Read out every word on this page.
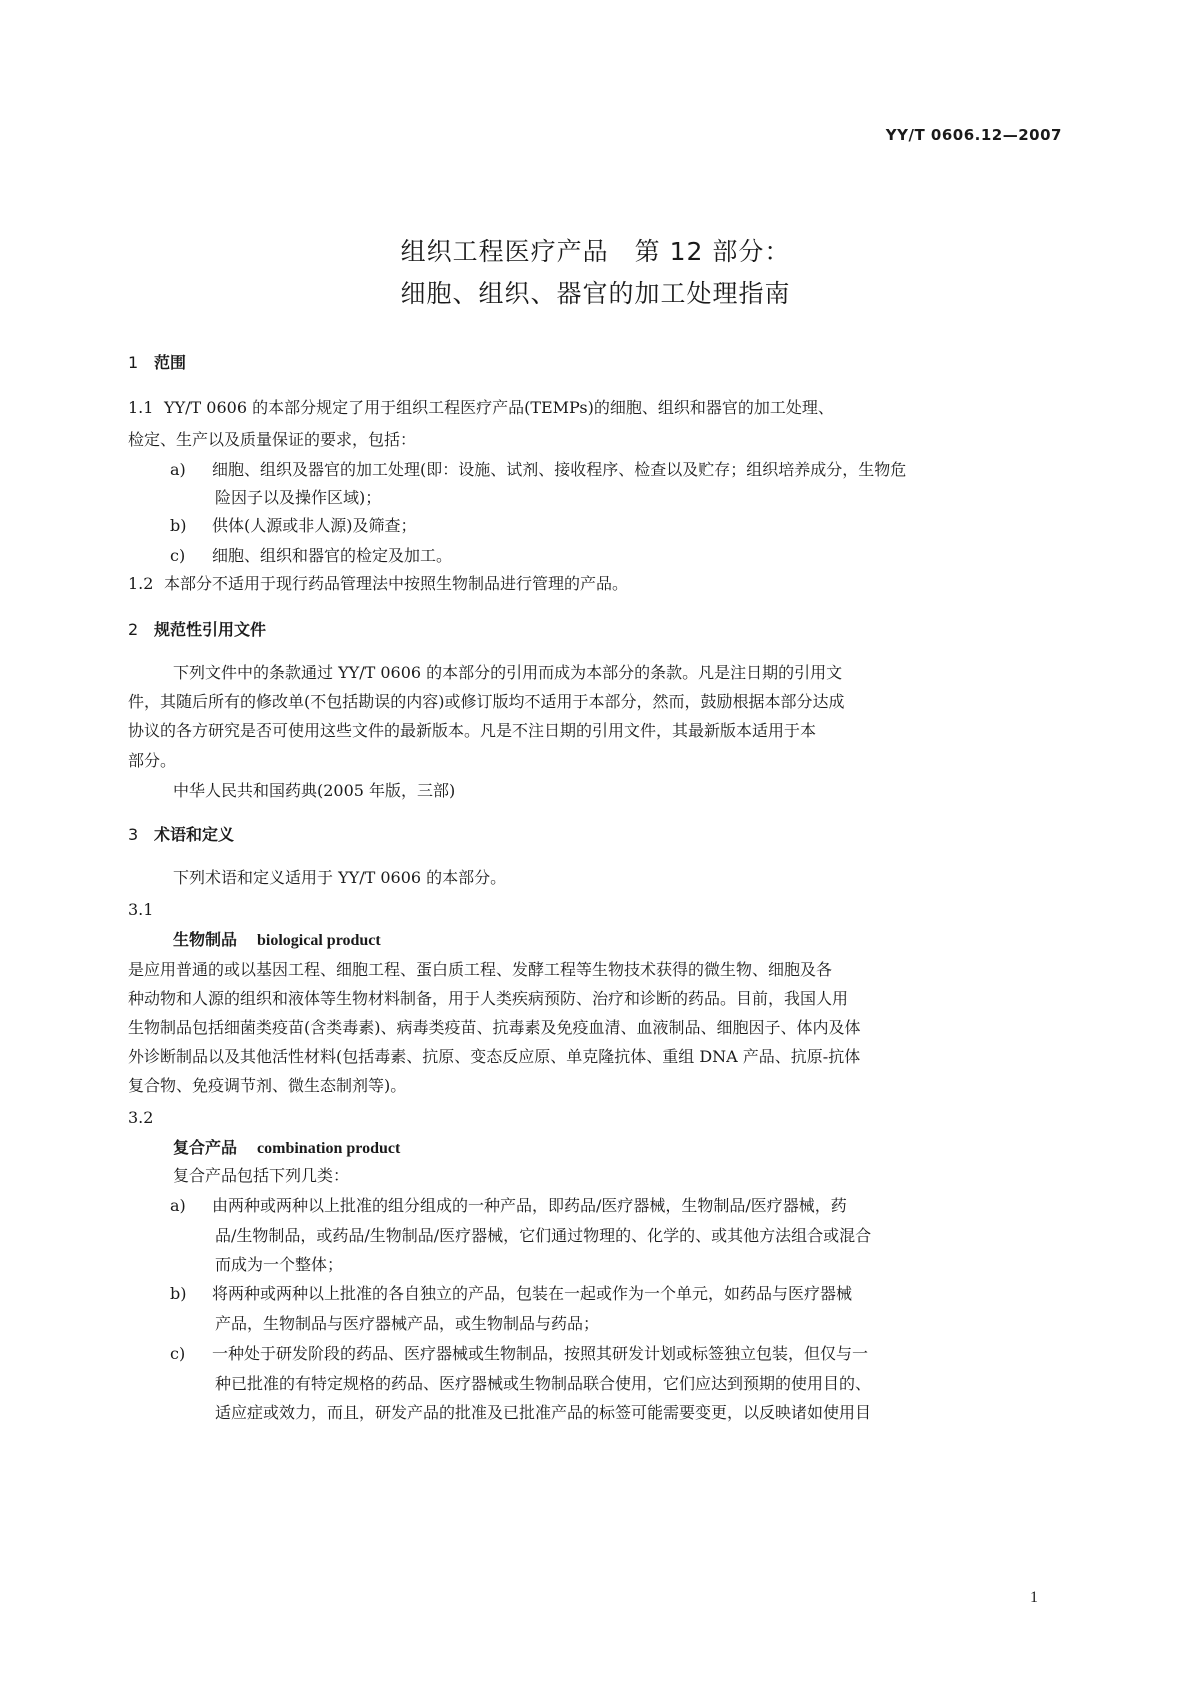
YY/T 0606.12—2007
组织工程医疗产品　第 12 部分：
细胞、组织、器官的加工处理指南
1 范围
1.1 YY/T 0606 的本部分规定了用于组织工程医疗产品(TEMPs)的细胞、组织和器官的加工处理、
检定、生产以及质量保证的要求，包括：
a) 细胞、组织及器官的加工处理(即：设施、试剂、接收程序、检查以及贮存；组织培养成分，生物危
险因子以及操作区域)；
b) 供体(人源或非人源)及筛查；
c) 细胞、组织和器官的检定及加工。
1.2 本部分不适用于现行药品管理法中按照生物制品进行管理的产品。
2 规范性引用文件
下列文件中的条款通过 YY/T 0606 的本部分的引用而成为本部分的条款。凡是注日期的引用文
件，其随后所有的修改单(不包括勘误的内容)或修订版均不适用于本部分，然而，鼓励根据本部分达成
协议的各方研究是否可使用这些文件的最新版本。凡是不注日期的引用文件，其最新版本适用于本
部分。
中华人民共和国药典(2005 年版，三部)
3 术语和定义
下列术语和定义适用于 YY/T 0606 的本部分。
3.1
生物制品 biological product
是应用普通的或以基因工程、细胞工程、蛋白质工程、发酵工程等生物技术获得的微生物、细胞及各
种动物和人源的组织和液体等生物材料制备，用于人类疾病预防、治疗和诊断的药品。目前，我国人用
生物制品包括细菌类疫苗(含类毒素)、病毒类疫苗、抗毒素及免疫血清、血液制品、细胞因子、体内及体
外诊断制品以及其他活性材料(包括毒素、抗原、变态反应原、单克隆抗体、重组 DNA 产品、抗原-抗体
复合物、免疫调节剂、微生态制剂等)。
3.2
复合产品 combination product
复合产品包括下列几类：
a) 由两种或两种以上批准的组分组成的一种产品，即药品/医疗器械，生物制品/医疗器械，药
品/生物制品，或药品/生物制品/医疗器械，它们通过物理的、化学的、或其他方法组合或混合
而成为一个整体；
b) 将两种或两种以上批准的各自独立的产品，包装在一起或作为一个单元，如药品与医疗器械
产品，生物制品与医疗器械产品，或生物制品与药品；
c) 一种处于研发阶段的药品、医疗器械或生物制品，按照其研发计划或标签独立包装，但仅与一
种已批准的有特定规格的药品、医疗器械或生物制品联合使用，它们应达到预期的使用目的、
适应症或效力，而且，研发产品的批准及已批准产品的标签可能需要变更，以反映诸如使用目
1
